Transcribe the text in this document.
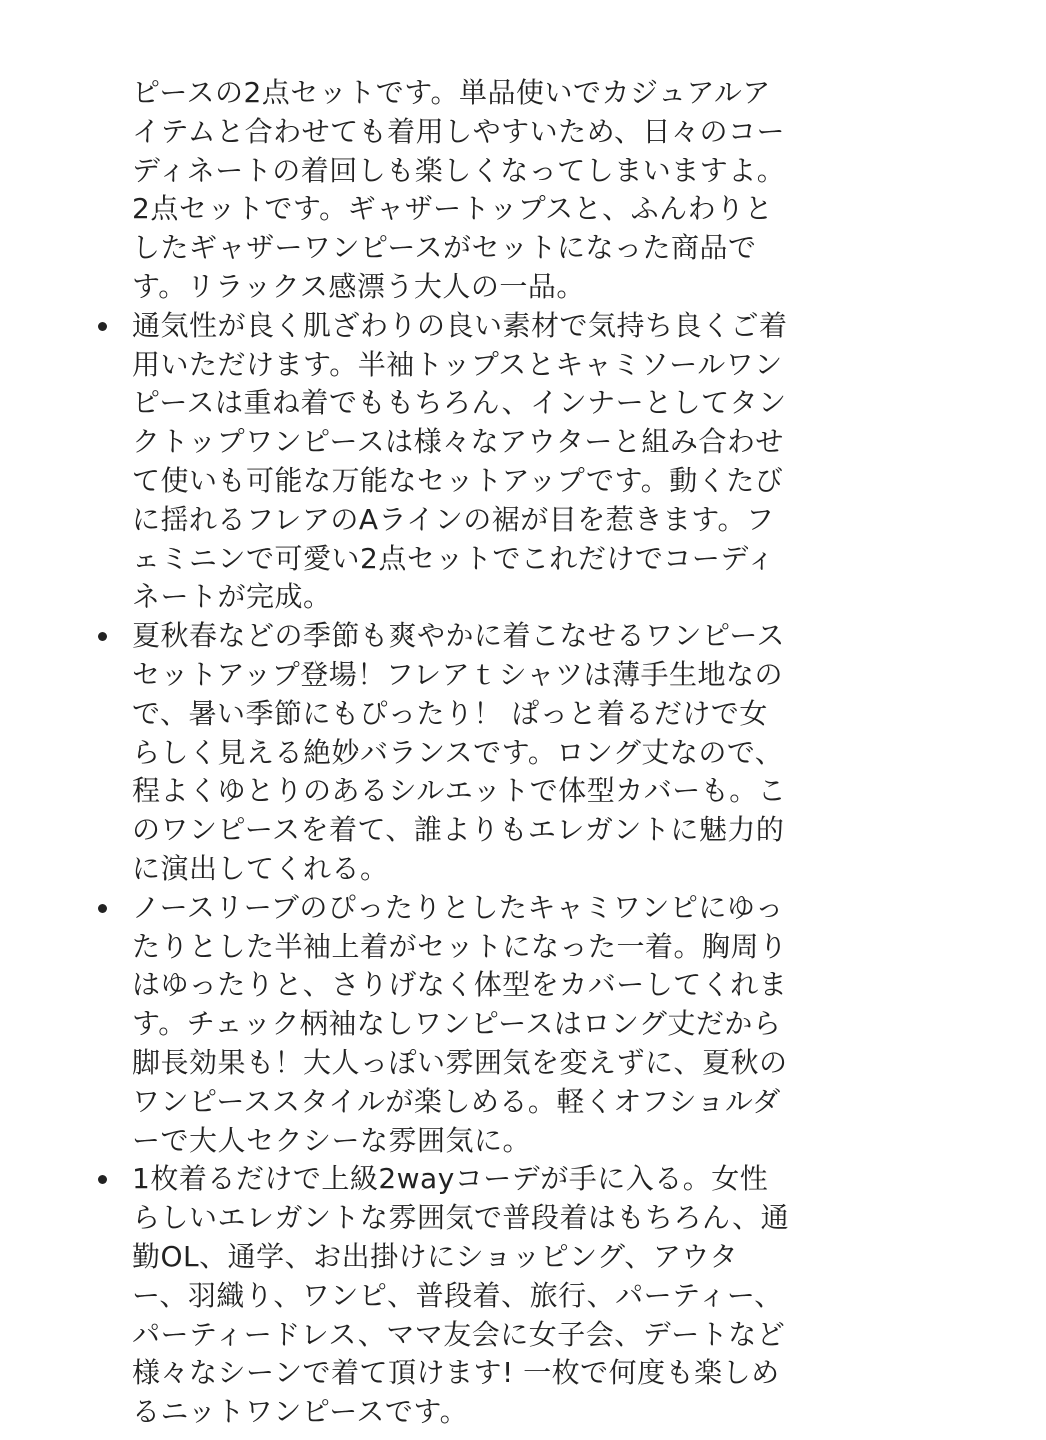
ピースの2点セットです。単品使いでカジュアルア
イテムと合わせても着用しやすいため、日々のコー
ディネートの着回しも楽しくなってしまいますよ。
2点セットです。ギャザートップスと、ふんわりと
したギャザーワンピースがセットになった商品で
す。リラックス感漂う大人の一品。
通気性が良く肌ざわりの良い素材で気持ち良くご着
用いただけます。半袖トップスとキャミソールワン
ピースは重ね着でももちろん、インナーとしてタン
クトップワンピースは様々なアウターと組み合わせ
て使いも可能な万能なセットアップです。動くたび
に揺れるフレアのAラインの裾が目を惹きます。フ
ェミニンで可愛い2点セットでこれだけでコーディ
ネートが完成。
夏秋春などの季節も爽やかに着こなせるワンピース
セットアップ登場！フレアｔシャツは薄手生地なの
で、暑い季節にもぴったり！ ぱっと着るだけで女
らしく見える絶妙バランスです。ロング丈なので、
程よくゆとりのあるシルエットで体型カバーも。こ
のワンピースを着て、誰よりもエレガントに魅力的
に演出してくれる。
ノースリーブのぴったりとしたキャミワンピにゆっ
たりとした半袖上着がセットになった一着。胸周り
はゆったりと、さりげなく体型をカバーしてくれま
す。チェック柄袖なしワンピースはロング丈だから
脚長効果も！大人っぽい雰囲気を変えずに、夏秋の
ワンピーススタイルが楽しめる。軽くオフショルダ
ーで大人セクシーな雰囲気に。
1枚着るだけで上級2wayコーデが手に入る。女性
らしいエレガントな雰囲気で普段着はもちろん、通
勤OL、通学、お出掛けにショッピング、アウタ
ー、羽織り、ワンピ、普段着、旅行、パーティー、
パーティードレス、ママ友会に女子会、デートなど
様々なシーンで着て頂けます! 一枚で何度も楽しめ
るニットワンピースです。
